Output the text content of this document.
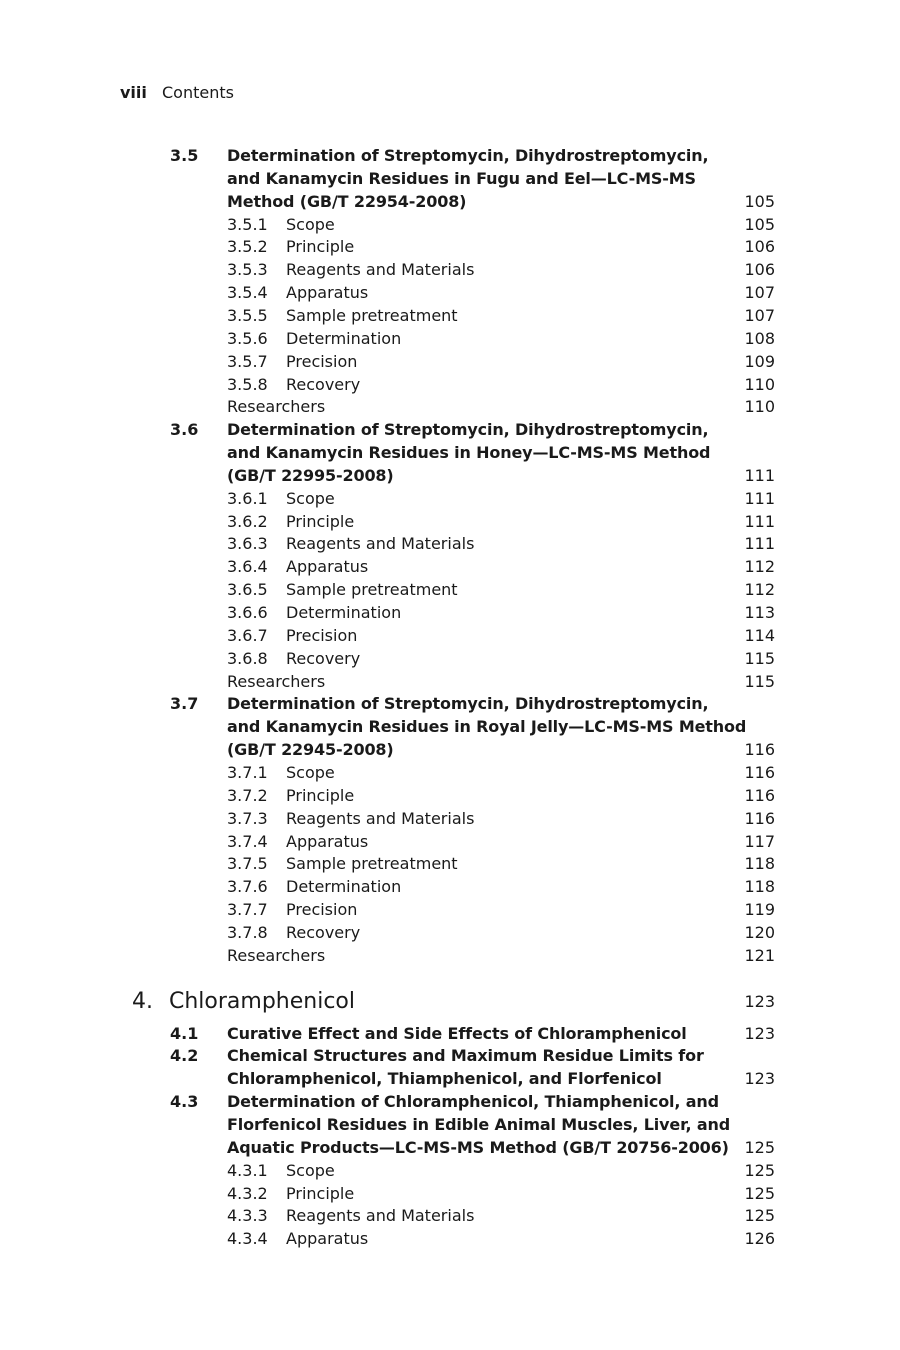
viii Contents
3.5 Determination of Streptomycin, Dihydrostreptomycin,
and Kanamycin Residues in Fugu and Eel—LC-MS-MS
Method (GB/T 22954-2008)	105
3.5.1 Scope	105
3.5.2 Principle	106
3.5.3 Reagents and Materials	106
3.5.4 Apparatus	107
3.5.5 Sample pretreatment	107
3.5.6 Determination	108
3.5.7 Precision	109
3.5.8 Recovery	110
Researchers	110
3.6 Determination of Streptomycin, Dihydrostreptomycin,
and Kanamycin Residues in Honey—LC-MS-MS Method
(GB/T 22995-2008)	111
3.6.1 Scope	111
3.6.2 Principle	111
3.6.3 Reagents and Materials	111
3.6.4 Apparatus	112
3.6.5 Sample pretreatment	112
3.6.6 Determination	113
3.6.7 Precision	114
3.6.8 Recovery	115
Researchers	115
3.7 Determination of Streptomycin, Dihydrostreptomycin,
and Kanamycin Residues in Royal Jelly—LC-MS-MS Method
(GB/T 22945-2008)	116
3.7.1 Scope	116
3.7.2 Principle	116
3.7.3 Reagents and Materials	116
3.7.4 Apparatus	117
3.7.5 Sample pretreatment	118
3.7.6 Determination	118
3.7.7 Precision	119
3.7.8 Recovery	120
Researchers	121
4. Chloramphenicol	123
4.1 Curative Effect and Side Effects of Chloramphenicol	123
4.2 Chemical Structures and Maximum Residue Limits for
Chloramphenicol, Thiamphenicol, and Florfenicol	123
4.3 Determination of Chloramphenicol, Thiamphenicol, and
Florfenicol Residues in Edible Animal Muscles, Liver, and
Aquatic Products—LC-MS-MS Method (GB/T 20756-2006) 125
4.3.1 Scope	125
4.3.2 Principle	125
4.3.3 Reagents and Materials	125
4.3.4 Apparatus	126
